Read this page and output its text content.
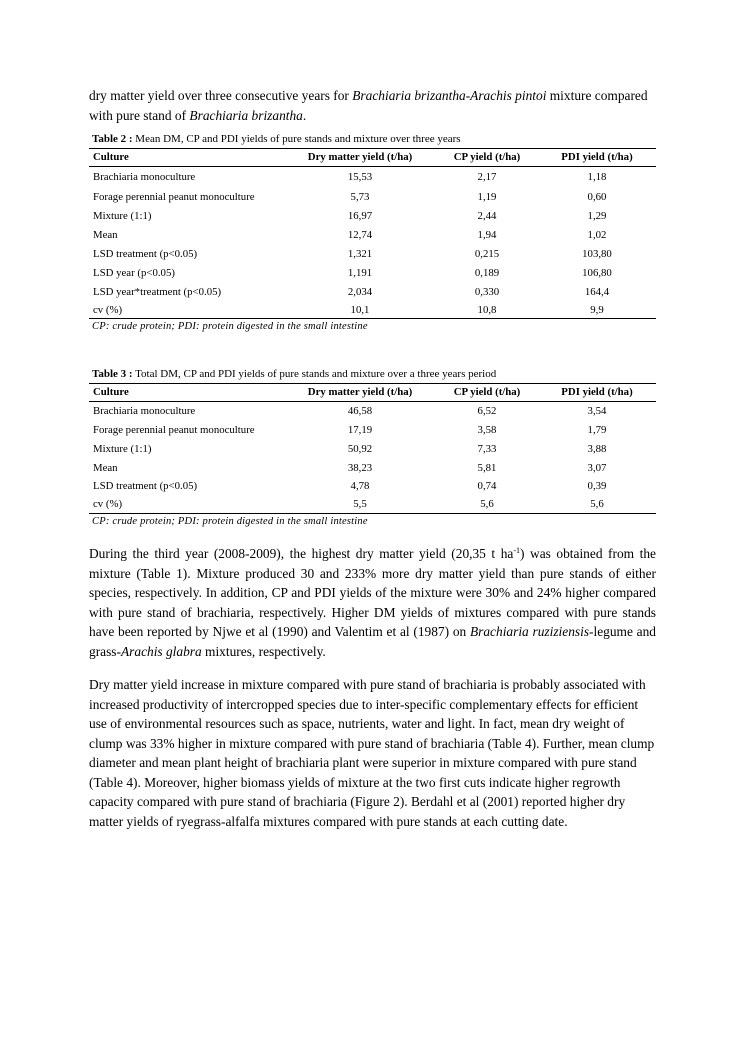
dry matter yield over three consecutive years for Brachiaria brizantha-Arachis pintoi mixture compared with pure stand of Brachiaria brizantha.

Table 2 : Mean DM, CP and PDI yields of pure stands and mixture over three years

Culture	Dry matter yield (t/ha)	CP yield (t/ha)	PDI yield (t/ha)
Brachiaria monoculture	15,53	2,17	1,18
Forage perennial peanut monoculture	5,73	1,19	0,60
Mixture (1:1)	16,97	2,44	1,29
Mean	12,74	1,94	1,02
LSD treatment (p<0.05)	1,321	0,215	103,80
LSD year (p<0.05)	1,191	0,189	106,80
LSD year*treatment (p<0.05)	2,034	0,330	164,4
cv (%)	10,1	10,8	9,9

CP: crude protein; PDI: protein digested in the small intestine

Table 3 : Total DM, CP and PDI yields of pure stands and mixture over a three years period

Culture	Dry matter yield (t/ha)	CP yield (t/ha)	PDI yield (t/ha)
Brachiaria monoculture	46,58	6,52	3,54
Forage perennial peanut monoculture	17,19	3,58	1,79
Mixture (1:1)	50,92	7,33	3,88
Mean	38,23	5,81	3,07
LSD treatment (p<0.05)	4,78	0,74	0,39
cv (%)	5,5	5,6	5,6

CP: crude protein; PDI: protein digested in the small intestine

During the third year (2008-2009), the highest dry matter yield (20,35 t $ha^{-1}$) was obtained from the mixture (Table 1). Mixture produced 30 and 233% more dry matter yield than pure stands of either species, respectively. In addition, CP and PDI yields of the mixture were 30% and 24% higher compared with pure stand of brachiaria, respectively. Higher DM yields of mixtures compared with pure stands have been reported by Njwe et al (1990) and Valentim et al (1987) on Brachiaria ruziziensis-legume and grass-Arachis glabra mixtures, respectively.

Dry matter yield increase in mixture compared with pure stand of brachiaria is probably associated with increased productivity of intercropped species due to inter-specific complementary effects for efficient use of environmental resources such as space, nutrients, water and light. In fact, mean dry weight of clump was 33% higher in mixture compared with pure stand of brachiaria (Table 4). Further, mean clump diameter and mean plant height of brachiaria plant were superior in mixture compared with pure stand (Table 4). Moreover, higher biomass yields of mixture at the two first cuts indicate higher regrowth capacity compared with pure stand of brachiaria (Figure 2). Berdahl et al (2001) reported higher dry matter yields of ryegrass-alfalfa mixtures compared with pure stands at each cutting date.
